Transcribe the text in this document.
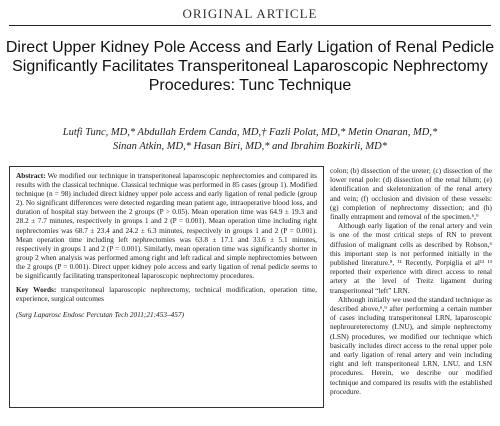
ORIGINAL ARTICLE
Direct Upper Kidney Pole Access and Early Ligation of Renal Pedicle Significantly Facilitates Transperitoneal Laparoscopic Nephrectomy Procedures: Tunc Technique
Lutfi Tunc, MD,* Abdullah Erdem Canda, MD,† Fazli Polat, MD,* Metin Onaran, MD,*
Sinan Atkin, MD,* Hasan Biri, MD,* and Ibrahim Bozkirli, MD*

Abstract: We modified our technique in transperitoneal laparoscopic nephrectomies and compared its results with the classical technique. Classical technique was performed in 85 cases (group 1). Modified technique (n = 98) included direct kidney upper pole access and early ligation of renal pedicle (group 2). No significant differences were detected regarding mean patient age, intraoperative blood loss, and duration of hospital stay between the 2 groups (P > 0.05). Mean operation time was 64.9 ± 19.3 and 28.2 ± 7.7 minutes, respectively in groups 1 and 2 (P = 0.001). Mean operation time including right nephrectomies was 68.7 ± 23.4 and 24.2 ± 6.3 minutes, respectively in groups 1 and 2 (P = 0.001). Mean operation time including left nephrectomies was 63.8 ± 17.1 and 33.6 ± 5.1 minutes, respectively in groups 1 and 2 (P = 0.001). Similarly, mean operation time was significantly shorter in group 2 when analysis was performed among right and left radical and simple nephrectomies between the 2 groups (P = 0.001). Direct upper kidney pole access and early ligation of renal pedicle seems to be significantly facilitating transperitoneal laparoscopic nephrectomy procedures.

Key Words: transperitoneal laparoscopic nephrectomy, technical modification, operation time, experience, surgical outcomes

(Surg Laparosc Endosc Percutan Tech 2011;21:453–457)

colon; (b) dissection of the ureter; (c) dissection of the lower renal pole: (d) dissection of the renal hilum; (e) identification and skeletonization of the renal artery and vein; (f) occlusion and division of these vessels: (g) completion of nephrectomy dissection; and (h) finally entrapment and removal of the specimen.⁶,⁹

Although early ligation of the renal artery and vein is one of the most critical steps of RN to prevent diffusion of malignant cells as described by Robson,⁶ this important step is not performed initially in the published literature.⁸, ¹¹ Recently, Porpiglia et al¹² ¹³ reported their experience with direct access to renal artery at the level of Treitz ligament during transperitoneal “left” LRN.

Although initially we used the standard technique as described above,⁶,⁹ after performing a certain number of cases including transperitoneal LRN, laparoscopic nephroureterectomy (LNU), and simple nephrectomy (LSN) procedures, we modified our technique which basically includes direct access to the renal upper pole and early ligation of renal artery and vein including right and left transperitoneal LRN, LNU, and LSN procedures. Herein, we describe our modified technique and compared its results with the established procedure.
